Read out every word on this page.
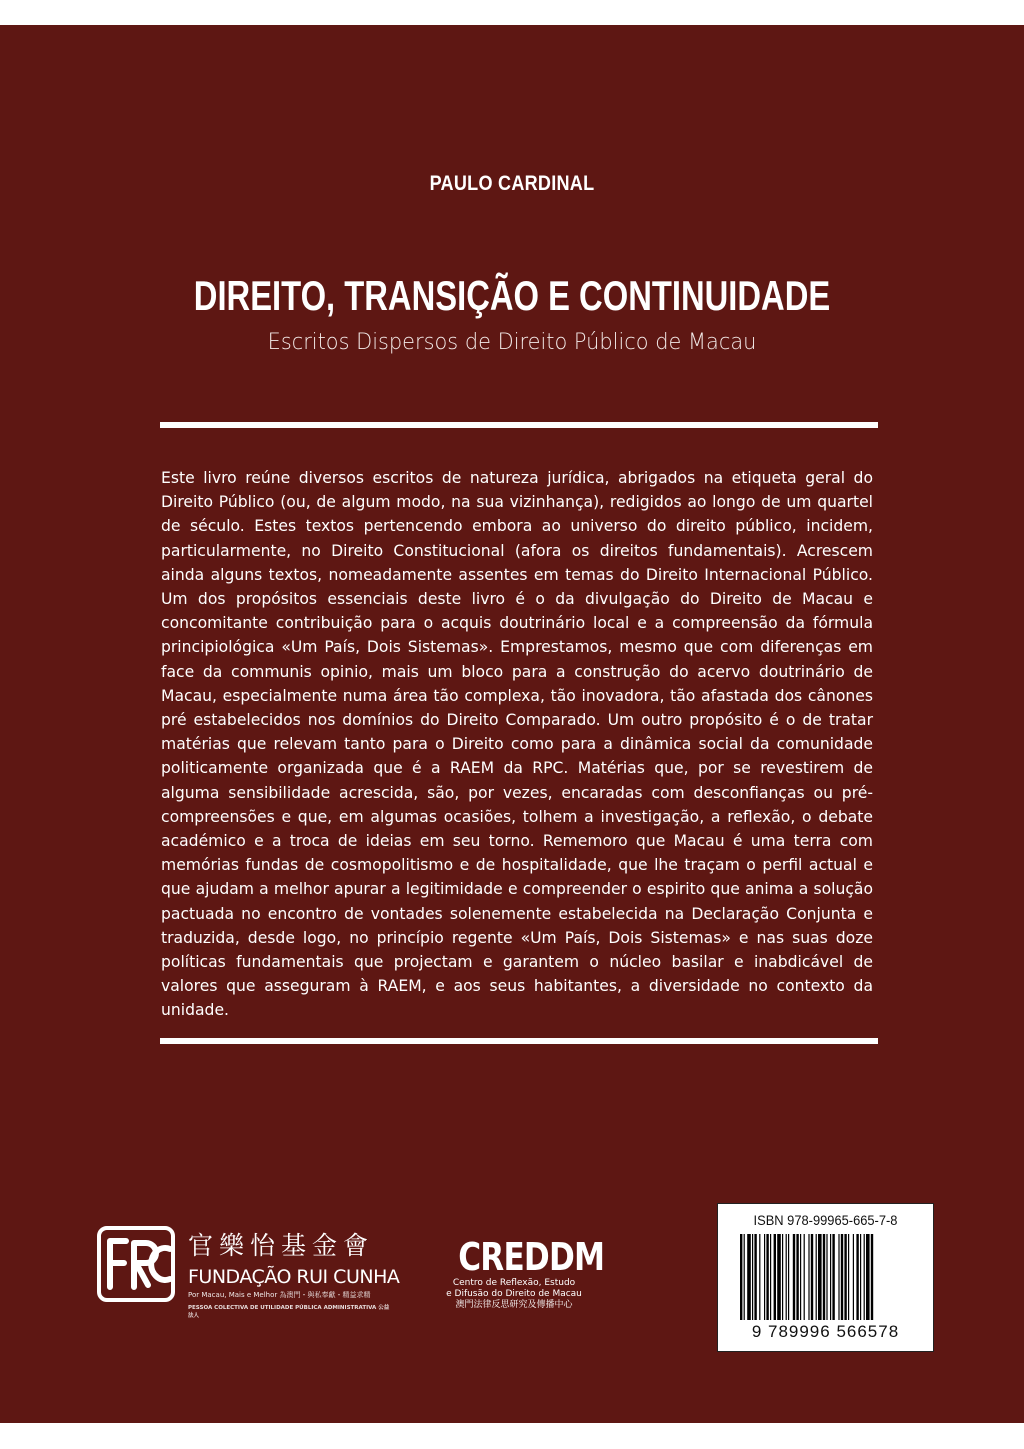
PAULO CARDINAL
DIREITO, TRANSIÇÃO E CONTINUIDADE
Escritos Dispersos de Direito Público de Macau
Este livro reúne diversos escritos de natureza jurídica, abrigados na etiqueta geral do Direito Público (ou, de algum modo, na sua vizinhança), redigidos ao longo de um quartel de século. Estes textos pertencendo embora ao universo do direito público, incidem, particularmente, no Direito Constitucional (afora os direitos fundamentais). Acrescem ainda alguns textos, nomeadamente assentes em temas do Direito Internacional Público. Um dos propósitos essenciais deste livro é o da divulgação do Direito de Macau e concomitante contribuição para o acquis doutrinário local e a compreensão da fórmula principiológica «Um País, Dois Sistemas». Emprestamos, mesmo que com diferenças em face da communis opinio, mais um bloco para a construção do acervo doutrinário de Macau, especialmente numa área tão complexa, tão inovadora, tão afastada dos cânones pré estabelecidos nos domínios do Direito Comparado. Um outro propósito é o de tratar matérias que relevam tanto para o Direito como para a dinâmica social da comunidade politicamente organizada que é a RAEM da RPC. Matérias que, por se revestirem de alguma sensibilidade acrescida, são, por vezes, encaradas com desconfianças ou pré-compreensões e que, em algumas ocasiões, tolhem a investigação, a reflexão, o debate académico e a troca de ideias em seu torno. Rememoro que Macau é uma terra com memórias fundas de cosmopolitismo e de hospitalidade, que lhe traçam o perfil actual e que ajudam a melhor apurar a legitimidade e compreender o espirito que anima a solução pactuada no encontro de vontades solenemente estabelecida na Declaração Conjunta e traduzida, desde logo, no princípio regente «Um País, Dois Sistemas» e nas suas doze políticas fundamentais que projectam e garantem o núcleo basilar e inabdicável de valores que asseguram à RAEM, e aos seus habitantes, a diversidade no contexto da unidade.
官樂怡基金會
FUNDAÇÃO RUI CUNHA
Por Macau, Mais e Melhor 為澳門・與私奉獻・精益求精
PESSOA COLECTIVA DE UTILIDADE PÚBLICA ADMINISTRATIVA 公益法人
CREDDM
Centro de Reflexão, Estudo
e Difusão do Direito de Macau
澳門法律反思研究及傳播中心
ISBN 978-99965-665-7-8
9 789996 566578
